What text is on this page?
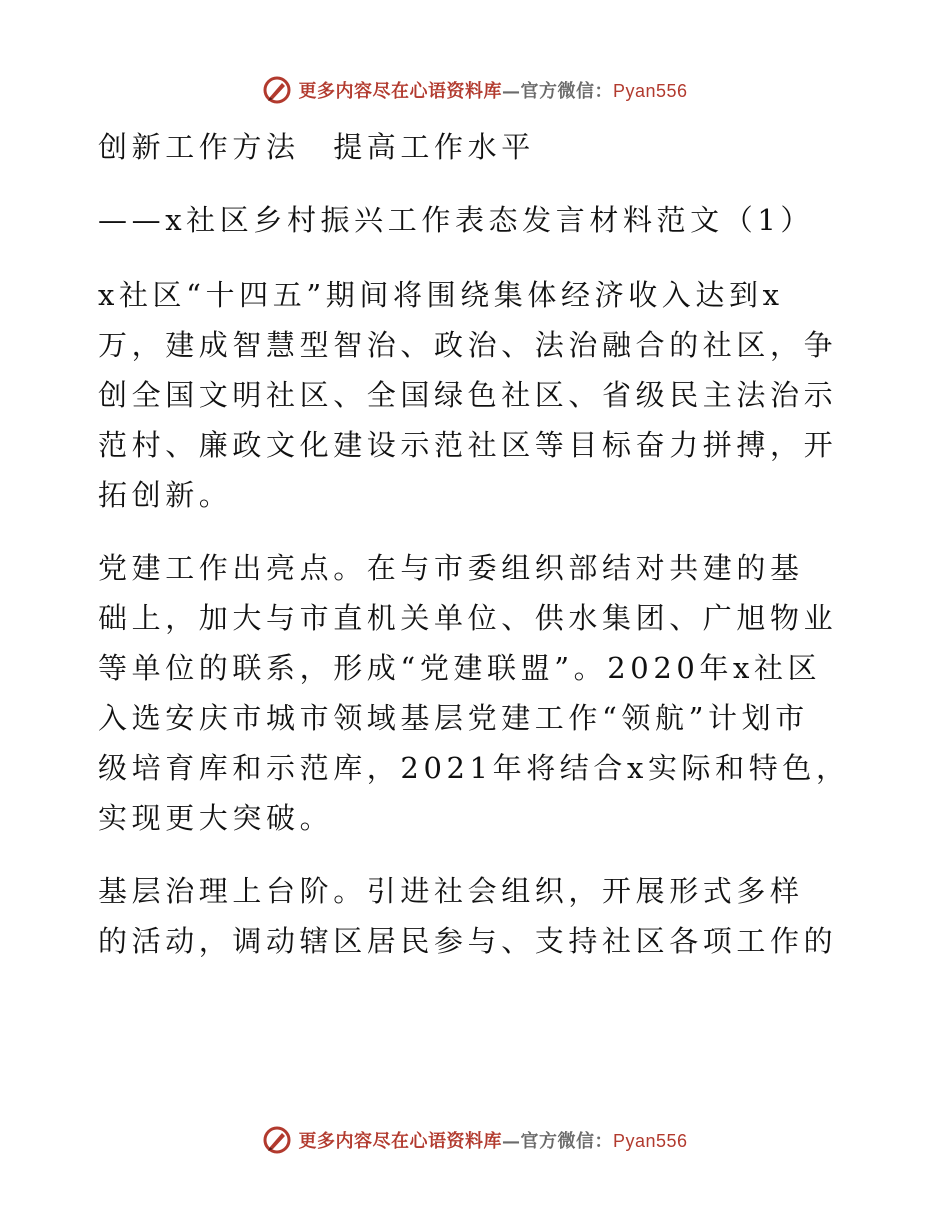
更多内容尽在心语资料库—官方微信：Pyan556
创新工作方法　提高工作水平
——x社区乡村振兴工作表态发言材料范文（1）
x社区“十四五”期间将围绕集体经济收入达到x
万，建成智慧型智治、政治、法治融合的社区，争
创全国文明社区、全国绿色社区、省级民主法治示
范村、廉政文化建设示范社区等目标奋力拼搏，开
拓创新。
党建工作出亮点。在与市委组织部结对共建的基
础上，加大与市直机关单位、供水集团、广旭物业
等单位的联系，形成“党建联盟”。2020年x社区
入选安庆市城市领域基层党建工作“领航”计划市
级培育库和示范库，2021年将结合x实际和特色，
实现更大突破。
基层治理上台阶。引进社会组织，开展形式多样
的活动，调动辖区居民参与、支持社区各项工作的
更多内容尽在心语资料库—官方微信：Pyan556
